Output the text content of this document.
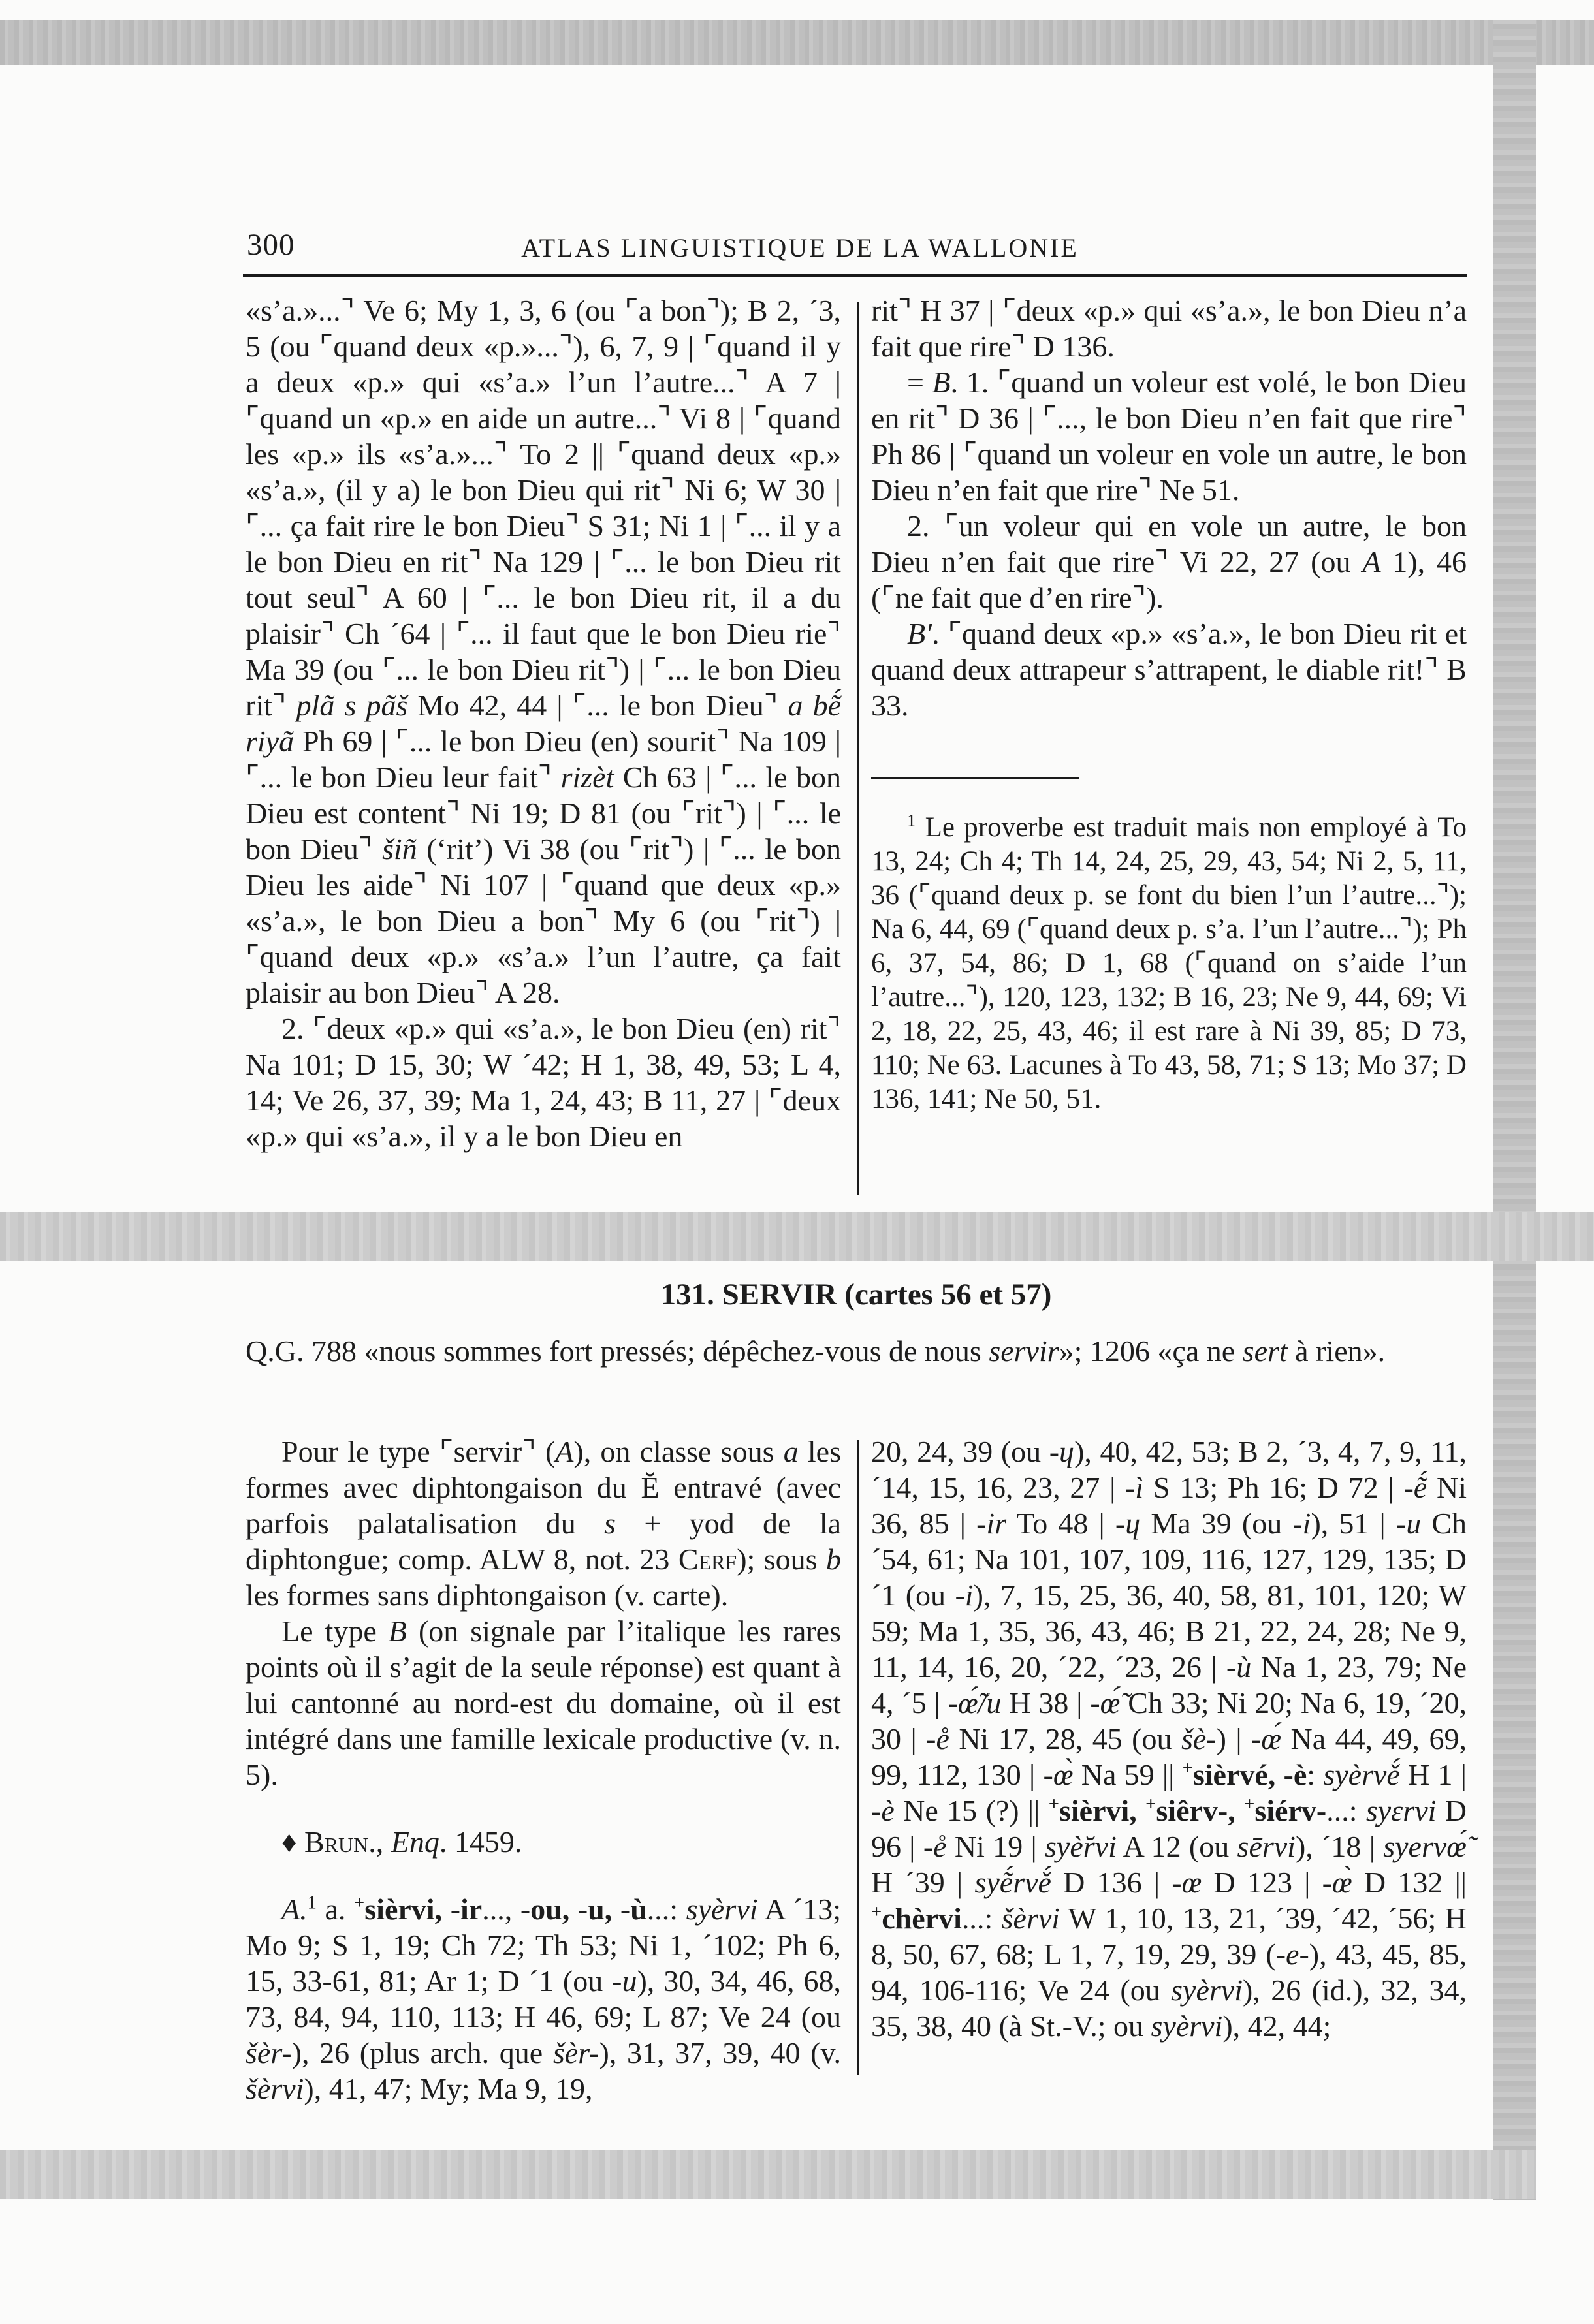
300	ATLAS LINGUISTIQUE DE LA WALLONIE

«s’a.»...⌝ Ve 6; My 1, 3, 6 (ou ⌜a bon⌝); B 2, ´3, 5 (ou ⌜quand deux «p.»...⌝), 6, 7, 9 | ⌜quand il y a deux «p.» qui «s’a.» l’un l’autre...⌝ A 7 | ⌜quand un «p.» en aide un autre...⌝ Vi 8 | ⌜quand les «p.» ils «s’a.»...⌝ To 2 || ⌜quand deux «p.» «s’a.», (il y a) le bon Dieu qui rit⌝ Ni 6; W 30 | ⌜... ça fait rire le bon Dieu⌝ S 31; Ni 1 | ⌜... il y a le bon Dieu en rit⌝ Na 129 | ⌜... le bon Dieu rit tout seul⌝ A 60 | ⌜... le bon Dieu rit, il a du plaisir⌝ Ch ´64 | ⌜... il faut que le bon Dieu rie⌝ Ma 39 (ou ⌜... le bon Dieu rit⌝) | ⌜... le bon Dieu rit⌝ plã s pãš Mo 42, 44 | ⌜... le bon Dieu⌝ a bẽ́ riyã Ph 69 | ⌜... le bon Dieu (en) sourit⌝ Na 109 | ⌜... le bon Dieu leur fait⌝ rizèt Ch 63 | ⌜... le bon Dieu est content⌝ Ni 19; D 81 (ou ⌜rit⌝) | ⌜... le bon Dieu⌝ šiñ (‘rit’) Vi 38 (ou ⌜rit⌝) | ⌜... le bon Dieu les aide⌝ Ni 107 | ⌜quand que deux «p.» «s’a.», le bon Dieu a bon⌝ My 6 (ou ⌜rit⌝) | ⌜quand deux «p.» «s’a.» l’un l’autre, ça fait plaisir au bon Dieu⌝ A 28.

2. ⌜deux «p.» qui «s’a.», le bon Dieu (en) rit⌝ Na 101; D 15, 30; W ´42; H 1, 38, 49, 53; L 4, 14; Ve 26, 37, 39; Ma 1, 24, 43; B 11, 27 | ⌜deux «p.» qui «s’a.», il y a le bon Dieu en

rit⌝ H 37 | ⌜deux «p.» qui «s’a.», le bon Dieu n’a fait que rire⌝ D 136.

= B. 1. ⌜quand un voleur est volé, le bon Dieu en rit⌝ D 36 | ⌜..., le bon Dieu n’en fait que rire⌝ Ph 86 | ⌜quand un voleur en vole un autre, le bon Dieu n’en fait que rire⌝ Ne 51.

2. ⌜un voleur qui en vole un autre, le bon Dieu n’en fait que rire⌝ Vi 22, 27 (ou A 1), 46 (⌜ne fait que d’en rire⌝).

B′. ⌜quand deux «p.» «s’a.», le bon Dieu rit et quand deux attrapeur s’attrapent, le diable rit!⌝ B 33.

$^1$ Le proverbe est traduit mais non employé à To 13, 24; Ch 4; Th 14, 24, 25, 29, 43, 54; Ni 2, 5, 11, 36 (⌜quand deux p. se font du bien l’un l’autre...⌝); Na 6, 44, 69 (⌜quand deux p. s’a. l’un l’autre...⌝); Ph 6, 37, 54, 86; D 1, 68 (⌜quand on s’aide l’un l’autre...⌝), 120, 123, 132; B 16, 23; Ne 9, 44, 69; Vi 2, 18, 22, 25, 43, 46; il est rare à Ni 39, 85; D 73, 110; Ne 63. Lacunes à To 43, 58, 71; S 13; Mo 37; D 136, 141; Ne 50, 51.

131. SERVIR (cartes 56 et 57)

Q.G. 788 «nous sommes fort pressés; dépêchez-vous de nous servir»; 1206 «ça ne sert à rien».

Pour le type ⌜servir⌝ (A), on classe sous a les formes avec diphtongaison du Ĕ entravé (avec parfois palatalisation du s + yod de la diphtongue; comp. ALW 8, not. 23 Cerf); sous b les formes sans diphtongaison (v. carte).

Le type B (on signale par l’italique les rares points où il s’agit de la seule réponse) est quant à lui cantonné au nord-est du domaine, où il est intégré dans une famille lexicale productive (v. n. 5).

♦ Brun., Enq. 1459.

A.$^1$ a. +sièrvi, -ir..., -ou, -u, -ù...: syèrvi A ´13; Mo 9; S 1, 19; Ch 72; Th 53; Ni 1, ´102; Ph 6, 15, 33-61, 81; Ar 1; D ´1 (ou -u), 30, 34, 46, 68, 73, 84, 94, 110, 113; H 46, 69; L 87; Ve 24 (ou šèr-), 26 (plus arch. que šèr-), 31, 37, 39, 40 (v. šèrvi), 41, 47; My; Ma 9, 19,

20, 24, 39 (ou -ɥ), 40, 42, 53; B 2, ´3, 4, 7, 9, 11, ´14, 15, 16, 23, 27 | -ì S 13; Ph 16; D 72 | -ẽ́ Ni 36, 85 | -ir To 48 | -ɥ Ma 39 (ou -i), 51 | -u Ch ´54, 61; Na 101, 107, 109, 116, 127, 129, 135; D ´1 (ou -i), 7, 15, 25, 36, 40, 58, 81, 101, 120; W 59; Ma 1, 35, 36, 43, 46; B 21, 22, 24, 28; Ne 9, 11, 14, 16, 20, ´22, ´23, 26 | -ù Na 1, 23, 79; Ne 4, ´5 | -œ̃́/u H 38 | -œ̃́ Ch 33; Ni 20; Na 6, 19, ´20, 30 | -e̊ Ni 17, 28, 45 (ou šè-) | -œ́ Na 44, 49, 69, 99, 112, 130 | -œ̀ Na 59 || +sièrvé, -è: syèrvě́ H 1 | -è Ne 15 (?) || +sièrvi, +siêrv-, +siérv-...: syɛrvi D 96 | -e̊ Ni 19 | syè̆rvi A 12 (ou sērvi), ´18 | syervœ̃́ H ´39 | syẽ́rvě́ D 136 | -œ D 123 | -œ̀ D 132 || +chèrvi...: šèrvi W 1, 10, 13, 21, ´39, ´42, ´56; H 8, 50, 67, 68; L 1, 7, 19, 29, 39 (-e-), 43, 45, 85, 94, 106-116; Ve 24 (ou syèrvi), 26 (id.), 32, 34, 35, 38, 40 (à St.-V.; ou syèrvi), 42, 44;
